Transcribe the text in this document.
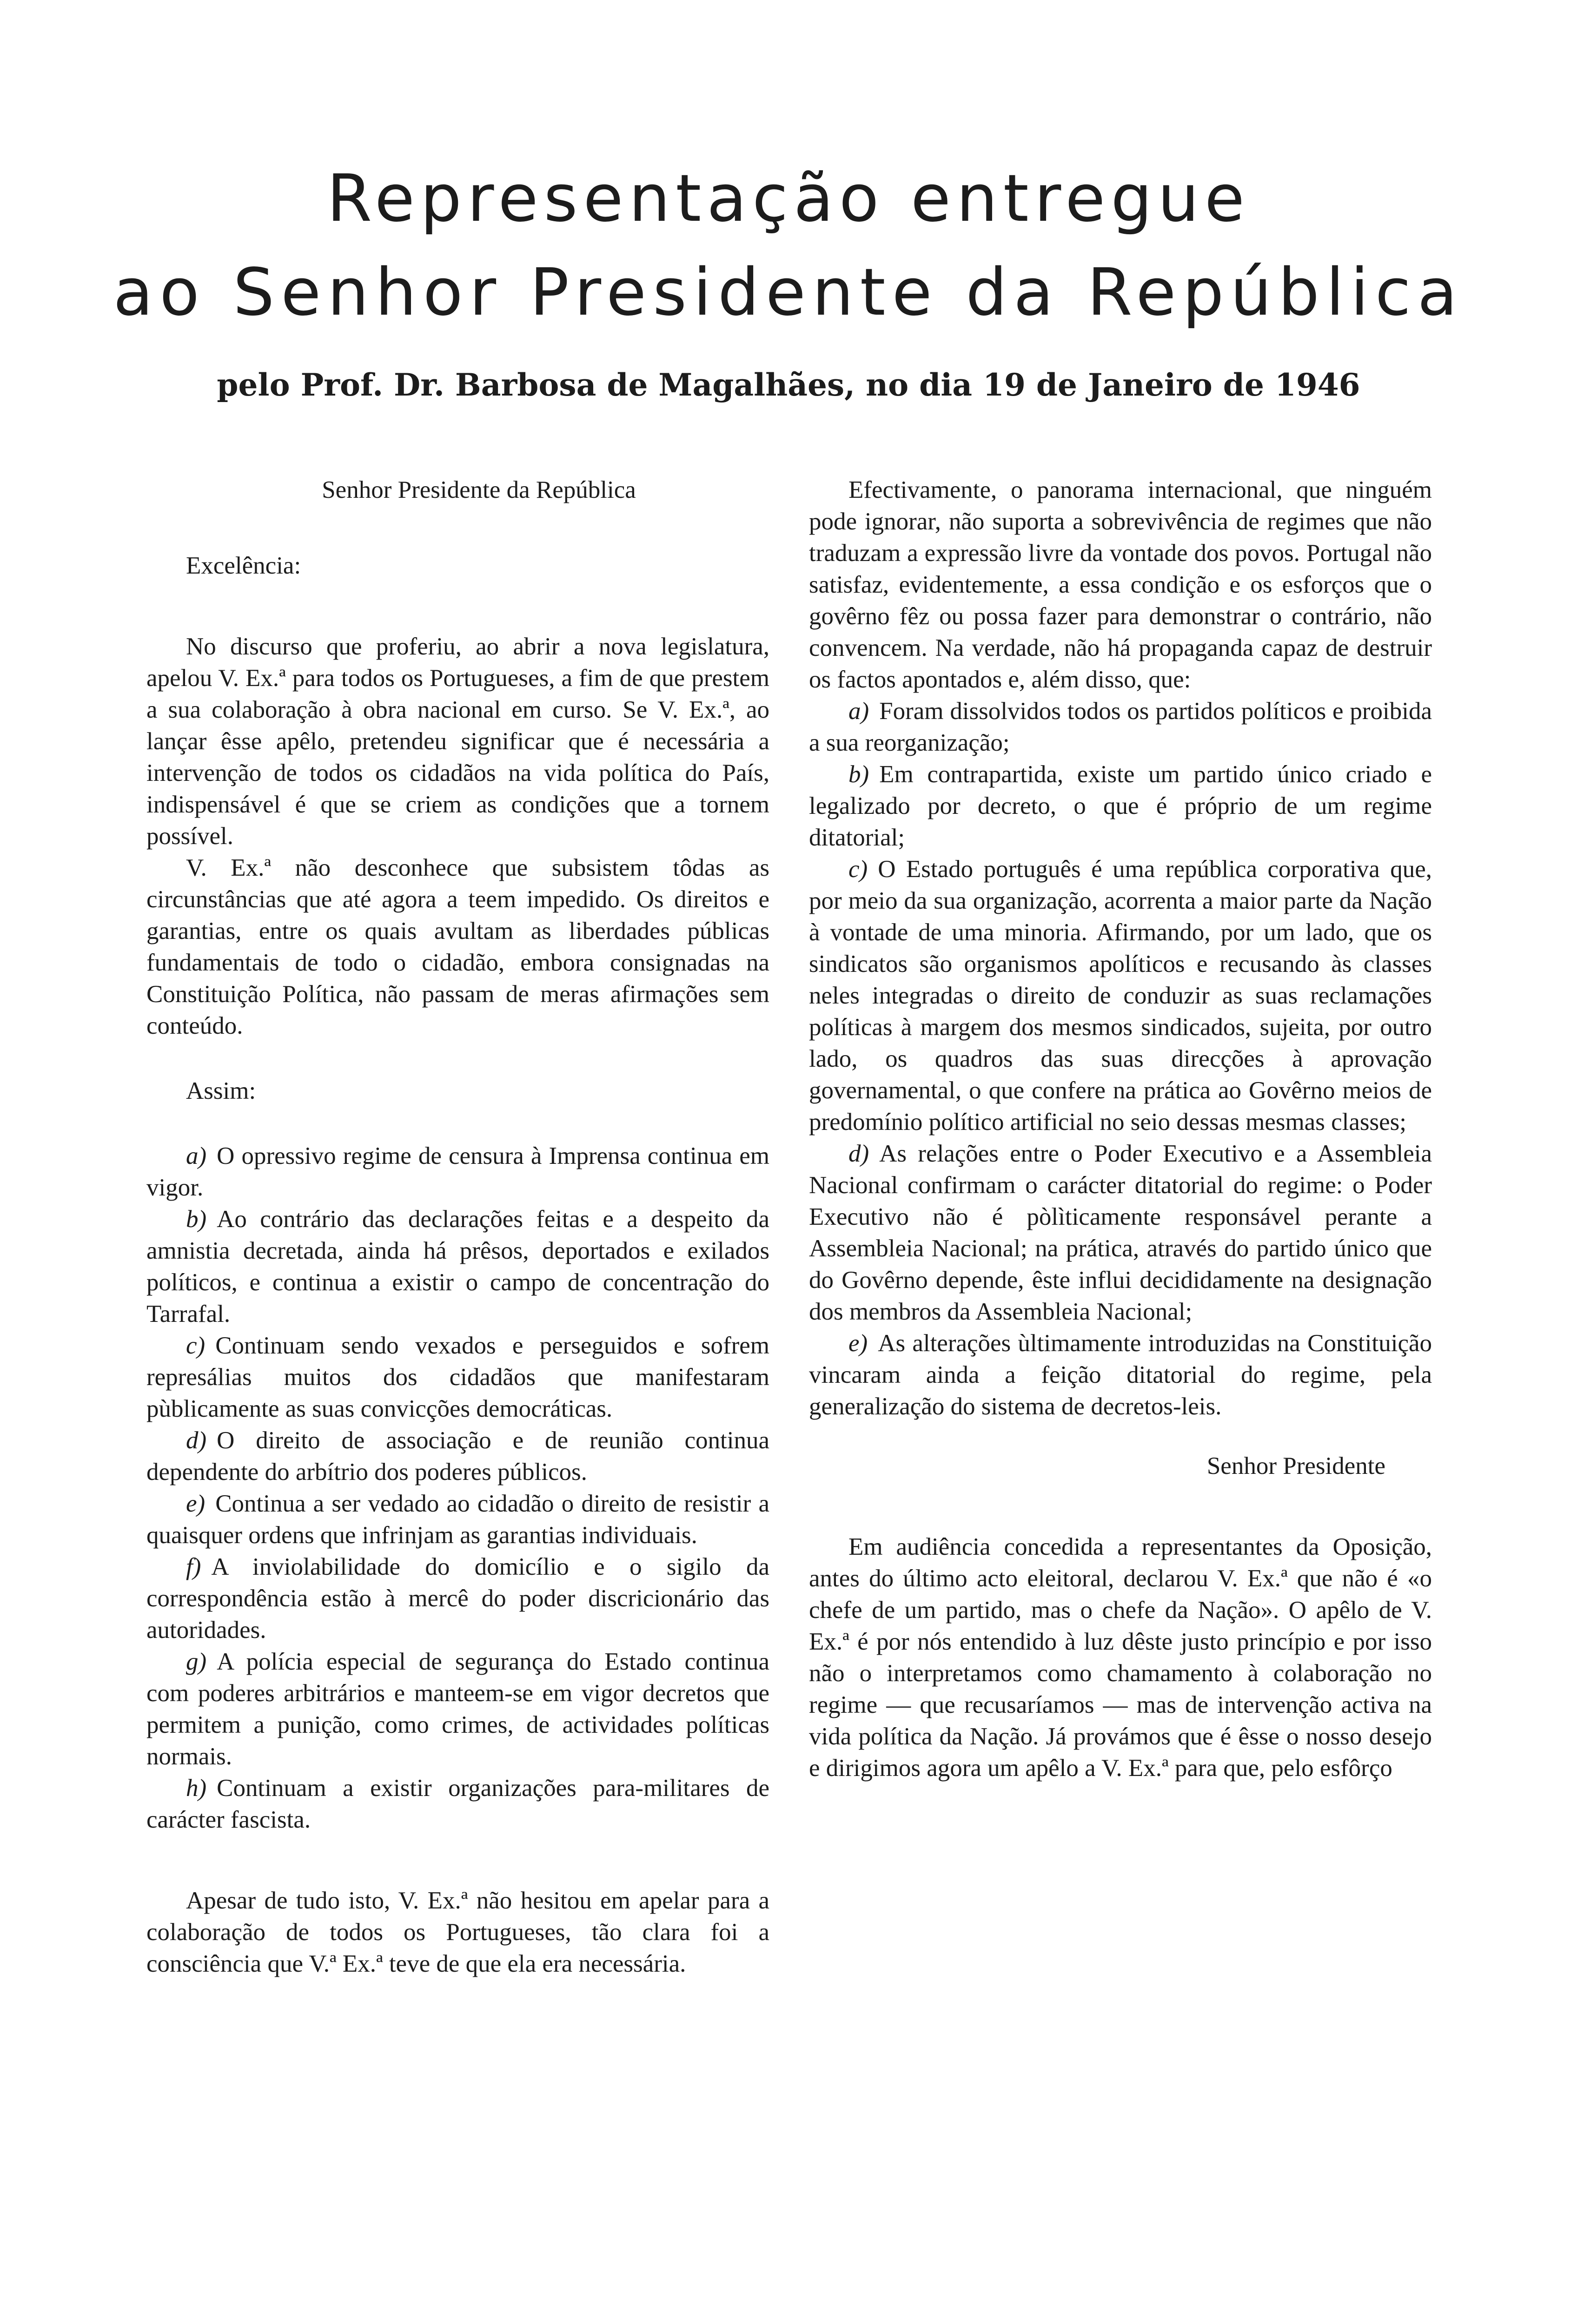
Representação entregue
ao Senhor Presidente da República
pelo Prof. Dr. Barbosa de Magalhães, no dia 19 de Janeiro de 1946

Senhor Presidente da República

Excelência:

No discurso que proferiu, ao abrir a nova legislatura, apelou V. Ex.ª para todos os Portugueses, a fim de que prestem a sua colaboração à obra nacional em curso. Se V. Ex.ª, ao lançar êsse apêlo, pretendeu significar que é necessária a intervenção de todos os cidadãos na vida política do País, indispensável é que se criem as condições que a tornem possível.

V. Ex.ª não desconhece que subsistem tôdas as circunstâncias que até agora a teem impedido. Os direitos e garantias, entre os quais avultam as liberdades públicas fundamentais de todo o cidadão, embora consignadas na Constituição Política, não passam de meras afirmações sem conteúdo.

Assim:

a) O opressivo regime de censura à Imprensa continua em vigor.
b) Ao contrário das declarações feitas e a despeito da amnistia decretada, ainda há prêsos, deportados e exilados políticos, e continua a existir o campo de concentração do Tarrafal.
c) Continuam sendo vexados e perseguidos e sofrem represálias muitos dos cidadãos que manifestaram pùblicamente as suas convicções democráticas.
d) O direito de associação e de reunião continua dependente do arbítrio dos poderes públicos.
e) Continua a ser vedado ao cidadão o direito de resistir a quaisquer ordens que infrinjam as garantias individuais.
f) A inviolabilidade do domicílio e o sigilo da correspondência estão à mercê do poder discricionário das autoridades.
g) A polícia especial de segurança do Estado continua com poderes arbitrários e manteem-se em vigor decretos que permitem a punição, como crimes, de actividades políticas normais.
h) Continuam a existir organizações para-militares de carácter fascista.

Apesar de tudo isto, V. Ex.ª não hesitou em apelar para a colaboração de todos os Portugueses, tão clara foi a consciência que V.ª Ex.ª teve de que ela era necessária.

Efectivamente, o panorama internacional, que ninguém pode ignorar, não suporta a sobrevivência de regimes que não traduzam a expressão livre da vontade dos povos. Portugal não satisfaz, evidentemente, a essa condição e os esforços que o govêrno fêz ou possa fazer para demonstrar o contrário, não convencem. Na verdade, não há propaganda capaz de destruir os factos apontados e, além disso, que:

a) Foram dissolvidos todos os partidos políticos e proibida a sua reorganização;
b) Em contrapartida, existe um partido único criado e legalizado por decreto, o que é próprio de um regime ditatorial;
c) O Estado português é uma república corporativa que, por meio da sua organização, acorrenta a maior parte da Nação à vontade de uma minoria. Afirmando, por um lado, que os sindicatos são organismos apolíticos e recusando às classes neles integradas o direito de conduzir as suas reclamações políticas à margem dos mesmos sindicados, sujeita, por outro lado, os quadros das suas direcções à aprovação governamental, o que confere na prática ao Govêrno meios de predomínio político artificial no seio dessas mesmas classes;
d) As relações entre o Poder Executivo e a Assembleia Nacional confirmam o carácter ditatorial do regime: o Poder Executivo não é pòlìticamente responsável perante a Assembleia Nacional; na prática, através do partido único que do Govêrno depende, êste influi decididamente na designação dos membros da Assembleia Nacional;
e) As alterações ùltimamente introduzidas na Constituição vincaram ainda a feição ditatorial do regime, pela generalização do sistema de decretos-leis.

Senhor Presidente

Em audiência concedida a representantes da Oposição, antes do último acto eleitoral, declarou V. Ex.ª que não é «o chefe de um partido, mas o chefe da Nação». O apêlo de V. Ex.ª é por nós entendido à luz dêste justo princípio e por isso não o interpretamos como chamamento à colaboração no regime — que recusaríamos — mas de intervenção activa na vida política da Nação. Já provámos que é êsse o nosso desejo e dirigimos agora um apêlo a V. Ex.ª para que, pelo esfôrço
